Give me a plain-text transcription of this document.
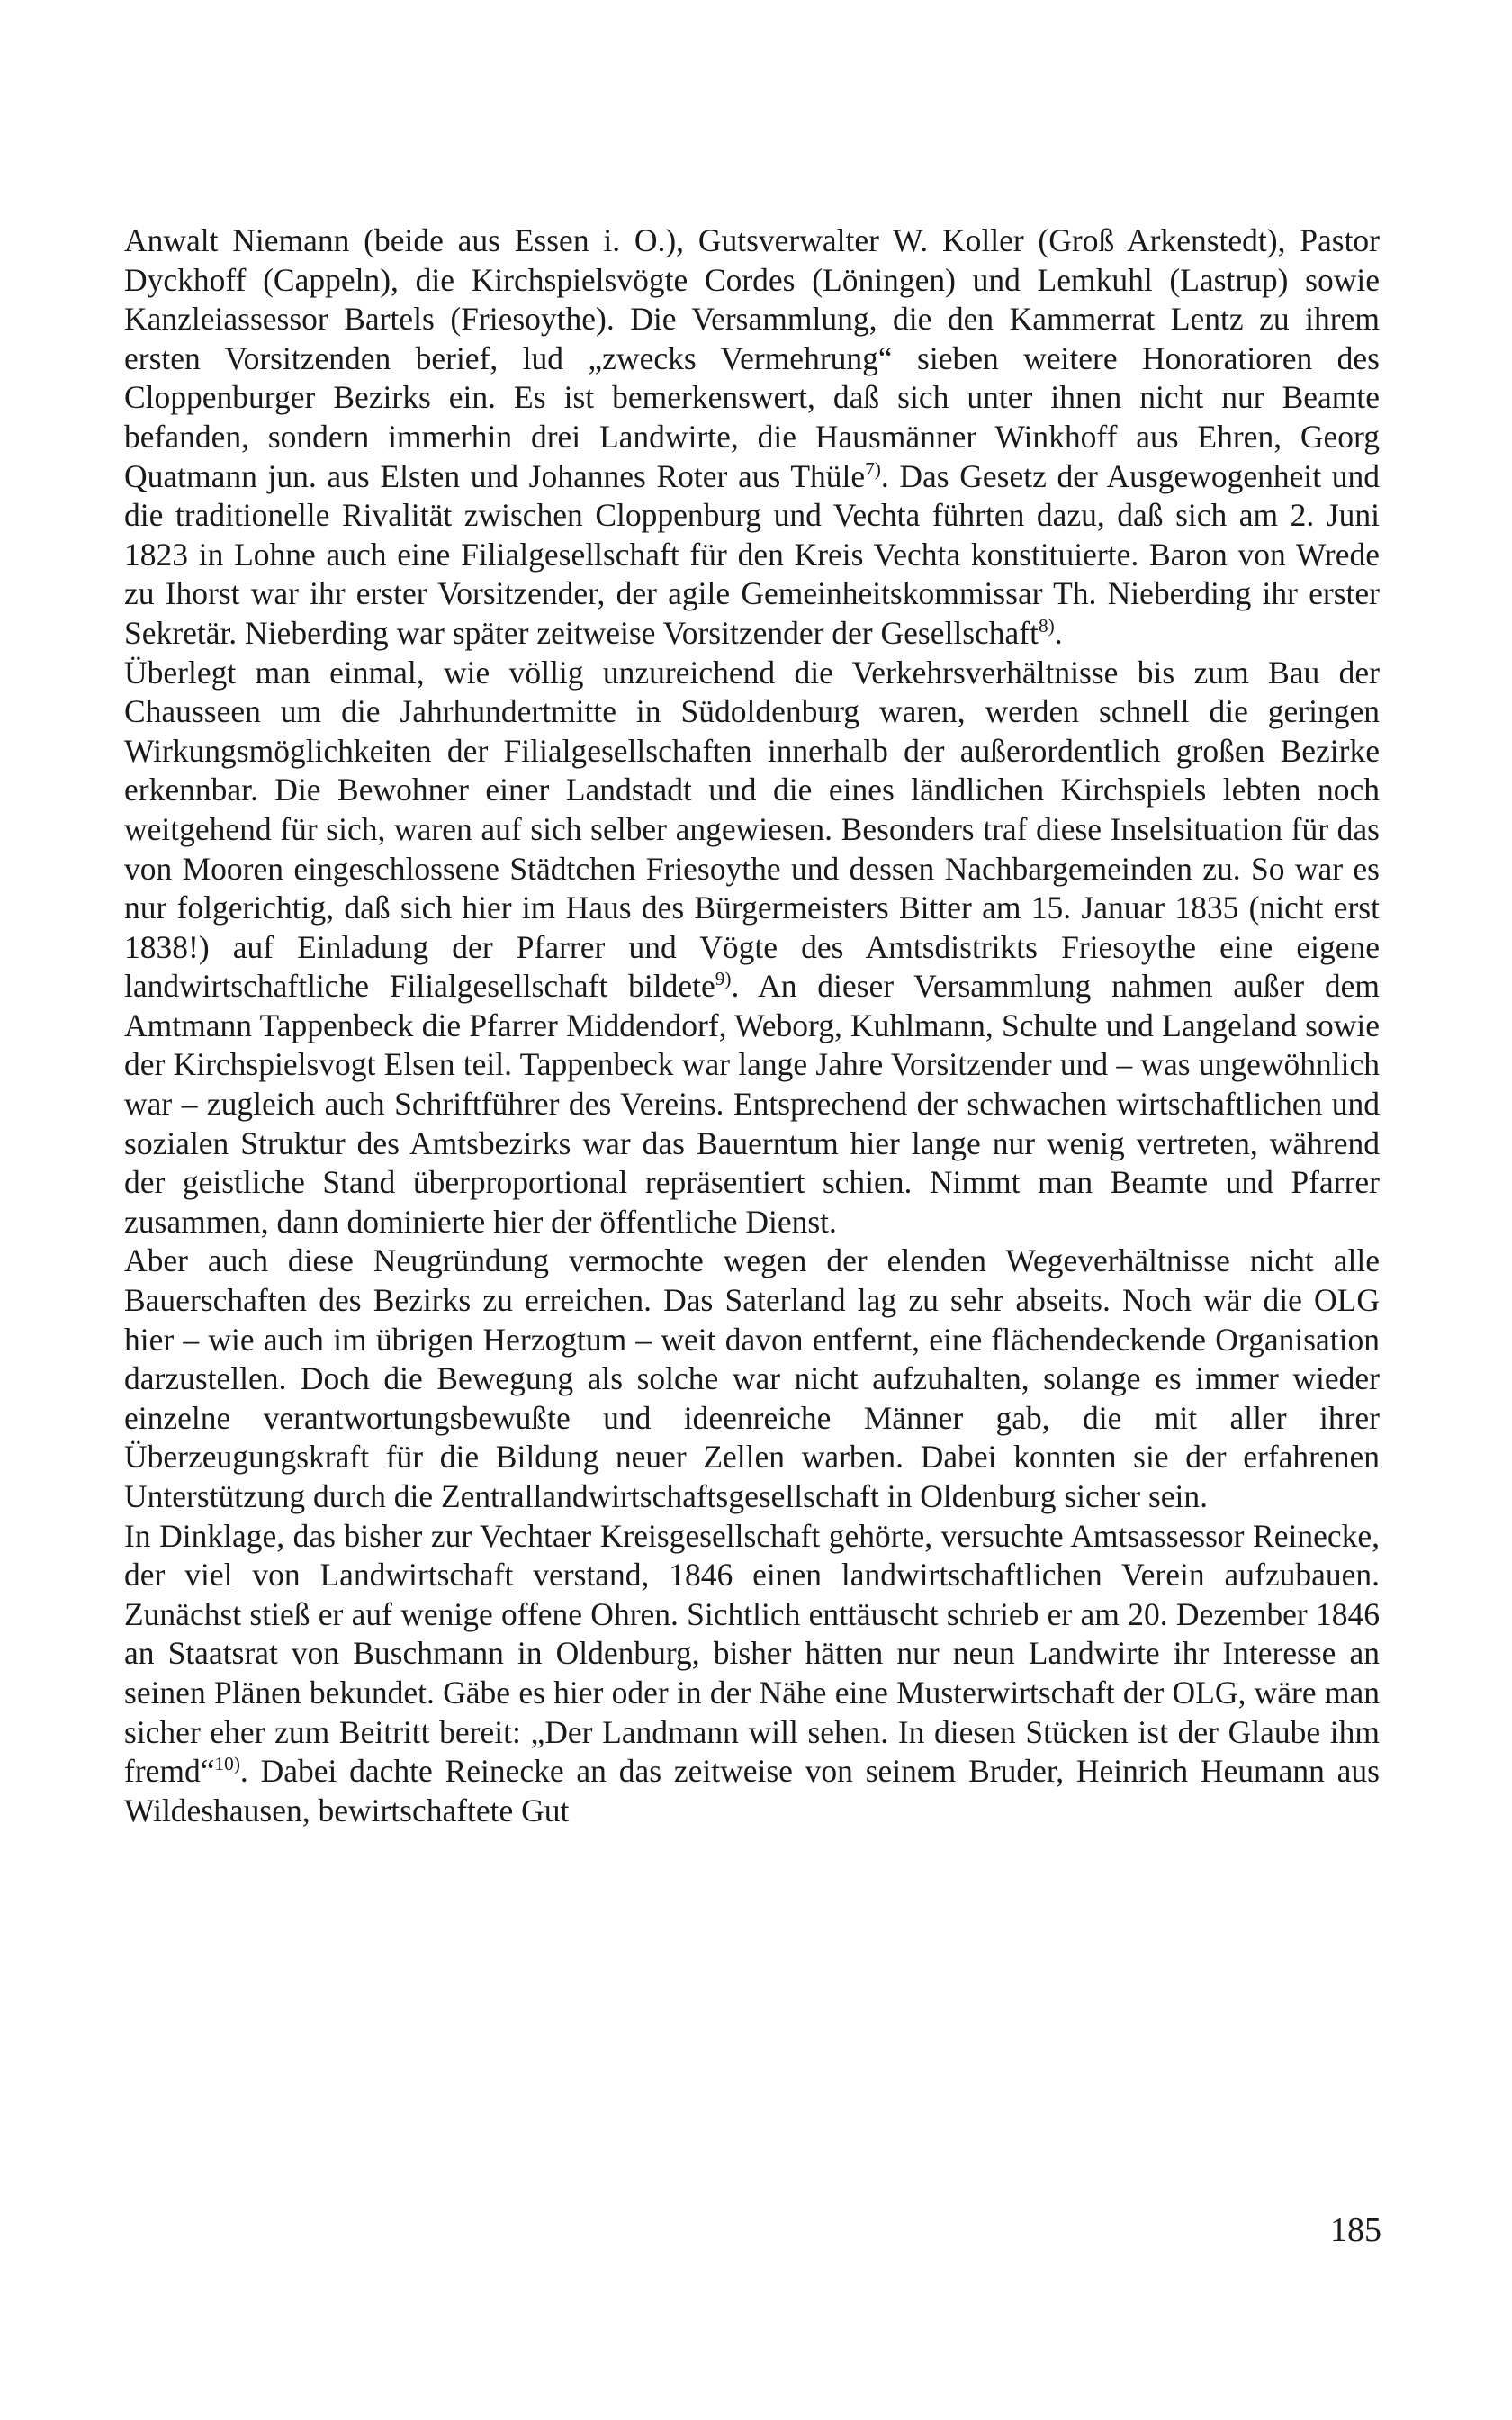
Anwalt Niemann (beide aus Essen i. O.), Gutsverwalter W. Koller (Groß Arkenstedt), Pastor Dyckhoff (Cappeln), die Kirchspielsvögte Cordes (Löningen) und Lemkuhl (Lastrup) sowie Kanzleiassessor Bartels (Friesoythe). Die Versammlung, die den Kammerrat Lentz zu ihrem ersten Vorsitzenden berief, lud „zwecks Vermehrung“ sieben weitere Honoratioren des Cloppenburger Bezirks ein. Es ist bemerkenswert, daß sich unter ihnen nicht nur Beamte befanden, sondern immerhin drei Landwirte, die Hausmänner Winkhoff aus Ehren, Georg Quatmann jun. aus Elsten und Johannes Roter aus Thüle$^{7)}$. Das Gesetz der Ausgewogenheit und die traditionelle Rivalität zwischen Cloppenburg und Vechta führten dazu, daß sich am 2. Juni 1823 in Lohne auch eine Filialgesellschaft für den Kreis Vechta konstituierte. Baron von Wrede zu Ihorst war ihr erster Vorsitzender, der agile Gemeinheitskommissar Th. Nieberding ihr erster Sekretär. Nieberding war später zeitweise Vorsitzender der Gesellschaft$^{8)}$.

Überlegt man einmal, wie völlig unzureichend die Verkehrsverhältnisse bis zum Bau der Chausseen um die Jahrhundertmitte in Südoldenburg waren, werden schnell die geringen Wirkungsmöglichkeiten der Filialgesellschaften innerhalb der außerordentlich großen Bezirke erkennbar. Die Bewohner einer Landstadt und die eines ländlichen Kirchspiels lebten noch weitgehend für sich, waren auf sich selber angewiesen. Besonders traf diese Inselsituation für das von Mooren eingeschlossene Städtchen Friesoythe und dessen Nachbargemeinden zu. So war es nur folgerichtig, daß sich hier im Haus des Bürgermeisters Bitter am 15. Januar 1835 (nicht erst 1838!) auf Einladung der Pfarrer und Vögte des Amtsdistrikts Friesoythe eine eigene landwirtschaftliche Filialgesellschaft bildete$^{9)}$. An dieser Versammlung nahmen außer dem Amtmann Tappenbeck die Pfarrer Middendorf, Weborg, Kuhlmann, Schulte und Langeland sowie der Kirchspielsvogt Elsen teil. Tappenbeck war lange Jahre Vorsitzender und – was ungewöhnlich war – zugleich auch Schriftführer des Vereins. Entsprechend der schwachen wirtschaftlichen und sozialen Struktur des Amtsbezirks war das Bauerntum hier lange nur wenig vertreten, während der geistliche Stand überproportional repräsentiert schien. Nimmt man Beamte und Pfarrer zusammen, dann dominierte hier der öffentliche Dienst.

Aber auch diese Neugründung vermochte wegen der elenden Wegeverhältnisse nicht alle Bauerschaften des Bezirks zu erreichen. Das Saterland lag zu sehr abseits. Noch wär die OLG hier – wie auch im übrigen Herzogtum – weit davon entfernt, eine flächendeckende Organisation darzustellen. Doch die Bewegung als solche war nicht aufzuhalten, solange es immer wieder einzelne verantwortungsbewußte und ideenreiche Männer gab, die mit aller ihrer Überzeugungskraft für die Bildung neuer Zellen warben. Dabei konnten sie der erfahrenen Unterstützung durch die Zentrallandwirtschaftsgesellschaft in Oldenburg sicher sein.

In Dinklage, das bisher zur Vechtaer Kreisgesellschaft gehörte, versuchte Amtsassessor Reinecke, der viel von Landwirtschaft verstand, 1846 einen landwirtschaftlichen Verein aufzubauen. Zunächst stieß er auf wenige offene Ohren. Sichtlich enttäuscht schrieb er am 20. Dezember 1846 an Staatsrat von Buschmann in Oldenburg, bisher hätten nur neun Landwirte ihr Interesse an seinen Plänen bekundet. Gäbe es hier oder in der Nähe eine Musterwirtschaft der OLG, wäre man sicher eher zum Beitritt bereit: „Der Landmann will sehen. In diesen Stücken ist der Glaube ihm fremd“$^{10)}$. Dabei dachte Reinecke an das zeitweise von seinem Bruder, Heinrich Heumann aus Wildeshausen, bewirtschaftete Gut

185
